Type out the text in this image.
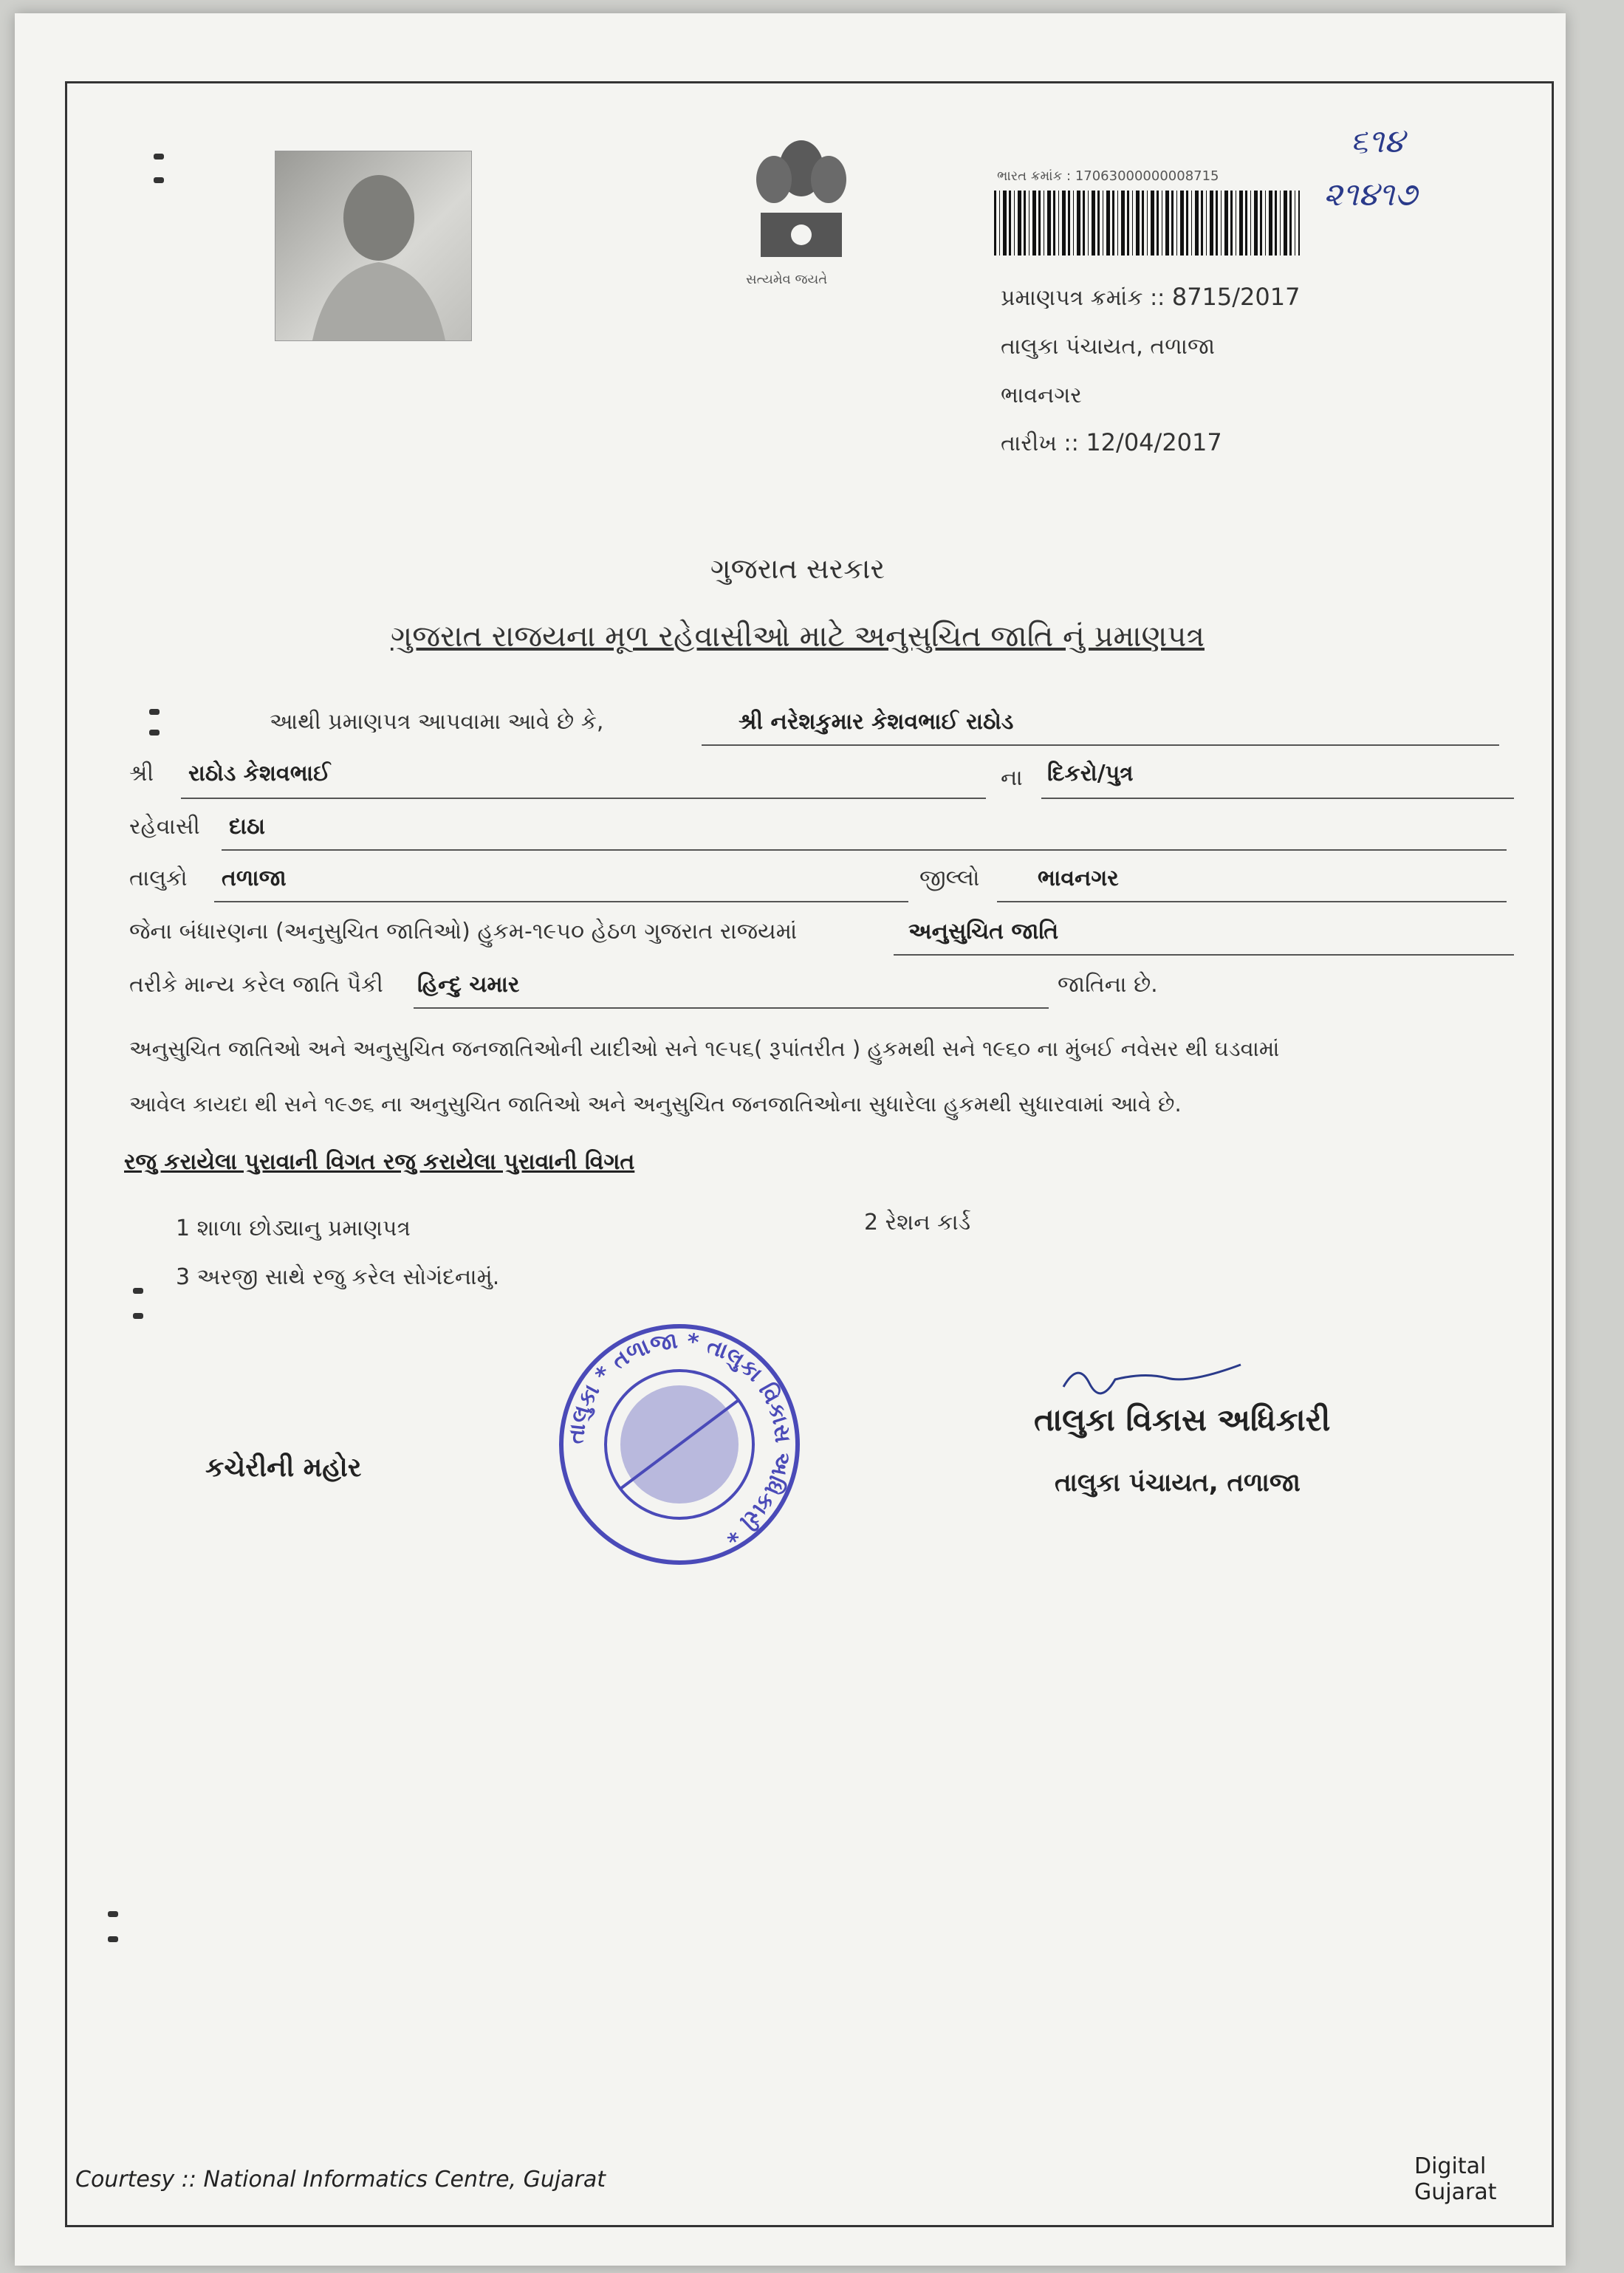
સત્યમેવ જયતે
ભારત ક્રમાંક : 17063000000008715
૬૧૪
૨૧૪૧૭
પ્રમાણપત્ર ક્રમાંક :: 8715/2017
તાલુકા પંચાયત, તળાજા
ભાવનગર
તારીખ :: 12/04/2017
ગુજરાત સરકાર
ગુજરાત રાજયના મૂળ રહેવાસીઓ માટે અનુસુચિત જાતિ નું પ્રમાણપત્ર
આથી પ્રમાણપત્ર આપવામા આવે છે કે,	શ્રી નરેશકુમાર કેશવભાઈ રાઠોડ
શ્રી રાઠોડ કેશવભાઈ	ના દિકરો/પુત્ર
રહેવાસી દાઠા
તાલુકો તળાજા	જીલ્લો	ભાવનગર
જેના બંધારણના (અનુસુચિત જાતિઓ) હુકમ-૧૯૫૦ હેઠળ ગુજરાત રાજયમાં	અનુસુચિત જાતિ
તરીકે માન્ય કરેલ જાતિ પૈકી હિન્દુ ચમાર	જાતિના છે.
અનુસુચિત જાતિઓ અને અનુસુચિત જનજાતિઓની યાદીઓ સને ૧૯૫૬( રૂપાંતરીત ) હુકમથી સને ૧૯૬૦ ના મુંબઈ નવેસર થી ઘડવામાં
આવેલ કાયદા થી સને ૧૯૭૬ ના અનુસુચિત જાતિઓ અને અનુસુચિત જનજાતિઓના સુધારેલા હુકમથી સુધારવામાં આવે છે.
રજુ કરાયેલા પુરાવાની વિગત રજુ કરાયેલા પુરાવાની વિગત
1 શાળા છોડ્યાનુ પ્રમાણપત્ર	2 રેશન કાર્ડ
3 અરજી સાથે રજુ કરેલ સોગંદનામું.
કચેરીની મહોર
તાલુકા * તળાજા * તાલુકા વિકાસ અધિકારી *
તાલુકા વિકાસ અધિકારી
તાલુકા પંચાયત, તળાજા
Courtesy :: National Informatics Centre, Gujarat
Digital Gujarat
